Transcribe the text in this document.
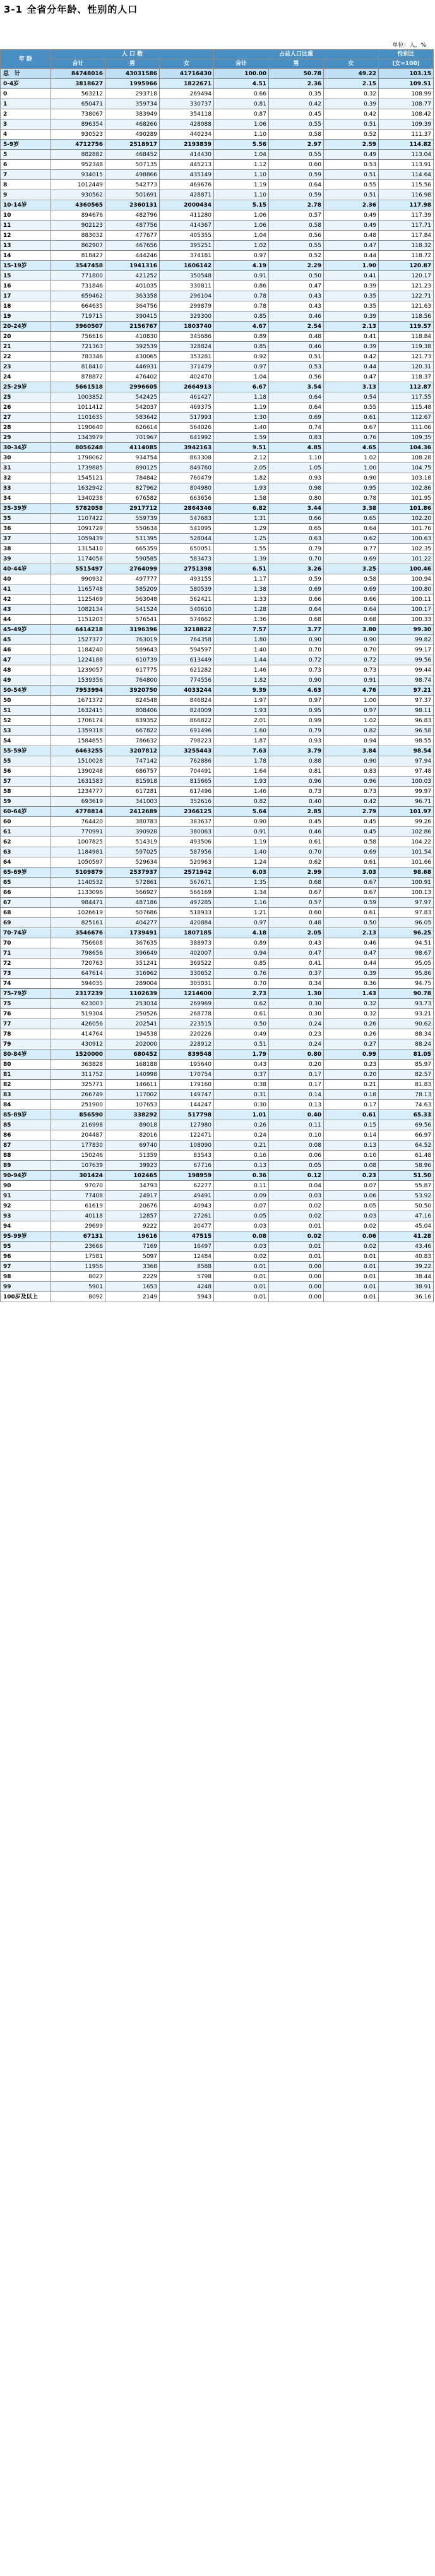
3-1 全省分年龄、性别的人口
单位：人，%
年 龄	人 口 数			占总人口比重			性别比
	合计	男	女	合计	男	女	(女=100)
总　计	84748016	43031586	41716430	100.00	50.78	49.22	103.15
0-4岁	3818627	1995966	1822671	4.51	2.36	2.15	109.51
0	563212	293718	269494	0.66	0.35	0.32	108.99
1	650471	359734	330737	0.81	0.42	0.39	108.77
2	738067	383949	354118	0.87	0.45	0.42	108.42
3	896354	468266	428088	1.06	0.55	0.51	109.39
4	930523	490289	440234	1.10	0.58	0.52	111.37
5-9岁	4712756	2518917	2193839	5.56	2.97	2.59	114.82
5	882882	468452	414430	1.04	0.55	0.49	113.04
6	952348	507135	445213	1.12	0.60	0.53	113.91
7	934015	498866	435149	1.10	0.59	0.51	114.64
8	1012449	542773	469676	1.19	0.64	0.55	115.56
9	930562	501691	428871	1.10	0.59	0.51	116.98
10-14岁	4360565	2360131	2000434	5.15	2.78	2.36	117.98
10	894676	482796	411280	1.06	0.57	0.49	117.39
11	902123	487756	414367	1.06	0.58	0.49	117.71
12	883032	477677	405355	1.04	0.56	0.48	117.84
13	862907	467656	395251	1.02	0.55	0.47	118.32
14	818427	444246	374181	0.97	0.52	0.44	118.72
15-19岁	3547458	1941316	1606142	4.19	2.29	1.90	120.87
15	771800	421252	350548	0.91	0.50	0.41	120.17
16	731846	401035	330811	0.86	0.47	0.39	121.23
17	659462	363358	296104	0.78	0.43	0.35	122.71
18	664635	364756	299879	0.78	0.43	0.35	121.63
19	719715	390415	329300	0.85	0.46	0.39	118.56
20-24岁	3960507	2156767	1803740	4.67	2.54	2.13	119.57
20	756616	410830	345686	0.89	0.48	0.41	118.84
21	721363	392539	328824	0.85	0.46	0.39	119.38
22	783346	430065	353281	0.92	0.51	0.42	121.73
23	818410	446931	371479	0.97	0.53	0.44	120.31
24	878872	476402	402470	1.04	0.56	0.47	118.37
25-29岁	5661518	2996605	2664913	6.67	3.54	3.13	112.87
25	1003852	542425	461427	1.18	0.64	0.54	117.55
26	1011412	542037	469375	1.19	0.64	0.55	115.48
27	1101635	583642	517993	1.30	0.69	0.61	112.67
28	1190640	626614	564026	1.40	0.74	0.67	111.06
29	1343979	701967	641992	1.59	0.83	0.76	109.35
30-34岁	8056248	4114085	3942163	9.51	4.85	4.65	104.36
30	1798062	934754	863308	2.12	1.10	1.02	108.28
31	1739885	890125	849760	2.05	1.05	1.00	104.75
32	1545121	784842	760479	1.82	0.93	0.90	103.18
33	1632942	827962	804980	1.93	0.98	0.95	102.86
34	1340238	676582	663656	1.58	0.80	0.78	101.95
35-39岁	5782058	2917712	2864346	6.82	3.44	3.38	101.86
35	1107422	559739	547683	1.31	0.66	0.65	102.20
36	1091729	550634	541095	1.29	0.65	0.64	101.76
37	1059439	531395	528044	1.25	0.63	0.62	100.63
38	1315410	665359	650051	1.55	0.79	0.77	102.35
39	1174058	590585	583473	1.39	0.70	0.69	101.22
40-44岁	5515497	2764099	2751398	6.51	3.26	3.25	100.46
40	990932	497777	493155	1.17	0.59	0.58	100.94
41	1165748	585209	580539	1.38	0.69	0.69	100.80
42	1125469	563048	562421	1.33	0.66	0.66	100.11
43	1082134	541524	540610	1.28	0.64	0.64	100.17
44	1151203	576541	574662	1.36	0.68	0.68	100.33
45-49岁	6414218	3196396	3218822	7.57	3.77	3.80	99.30
45	1527377	763019	764358	1.80	0.90	0.90	99.82
46	1184240	589643	594597	1.40	0.70	0.70	99.17
47	1224188	610739	613449	1.44	0.72	0.72	99.56
48	1239057	617775	621282	1.46	0.73	0.73	99.44
49	1539356	764800	774556	1.82	0.90	0.91	98.74
50-54岁	7953994	3920750	4033244	9.39	4.63	4.76	97.21
50	1671372	824548	846824	1.97	0.97	1.00	97.37
51	1632415	808406	824009	1.93	0.95	0.97	98.11
52	1706174	839352	866822	2.01	0.99	1.02	96.83
53	1359318	667822	691496	1.60	0.79	0.82	96.58
54	1584855	786632	798223	1.87	0.93	0.94	98.55
55-59岁	6463255	3207812	3255443	7.63	3.79	3.84	98.54
55	1510028	747142	762886	1.78	0.88	0.90	97.94
56	1390248	686757	704491	1.64	0.81	0.83	97.48
57	1631583	815918	815665	1.93	0.96	0.96	100.03
58	1234777	617281	617496	1.46	0.73	0.73	99.97
59	693619	341003	352616	0.82	0.40	0.42	96.71
60-64岁	4778814	2412689	2366125	5.64	2.85	2.79	101.97
60	764420	380783	383637	0.90	0.45	0.45	99.26
61	770991	390928	380063	0.91	0.46	0.45	102.86
62	1007825	514319	493506	1.19	0.61	0.58	104.22
63	1184981	597025	587956	1.40	0.70	0.69	101.54
64	1050597	529634	520963	1.24	0.62	0.61	101.66
65-69岁	5109879	2537937	2571942	6.03	2.99	3.03	98.68
65	1140532	572861	567671	1.35	0.68	0.67	100.91
66	1133096	566927	566169	1.34	0.67	0.67	100.13
67	984471	487186	497285	1.16	0.57	0.59	97.97
68	1026619	507686	518933	1.21	0.60	0.61	97.83
69	825161	404277	420884	0.97	0.48	0.50	96.05
70-74岁	3546676	1739491	1807185	4.18	2.05	2.13	96.25
70	756608	367635	388973	0.89	0.43	0.46	94.51
71	798656	396649	402007	0.94	0.47	0.47	98.67
72	720763	351241	369522	0.85	0.41	0.44	95.05
73	647614	316962	330652	0.76	0.37	0.39	95.86
74	594035	289004	305031	0.70	0.34	0.36	94.75
75-79岁	2317239	1102639	1214600	2.73	1.30	1.43	90.78
75	623003	253034	269969	0.62	0.30	0.32	93.73
76	519304	250526	268778	0.61	0.30	0.32	93.21
77	426056	202541	223515	0.50	0.24	0.26	90.62
78	414764	194538	220226	0.49	0.23	0.26	88.34
79	430912	202000	228912	0.51	0.24	0.27	88.24
80-84岁	1520000	680452	839548	1.79	0.80	0.99	81.05
80	363828	168188	195640	0.43	0.20	0.23	85.97
81	311752	140998	170754	0.37	0.17	0.20	82.57
82	325771	146611	179160	0.38	0.17	0.21	81.83
83	266749	117002	149747	0.31	0.14	0.18	78.13
84	251900	107653	144247	0.30	0.13	0.17	74.63
85-89岁	856590	338292	517798	1.01	0.40	0.61	65.33
85	216998	89018	127980	0.26	0.11	0.15	69.56
86	204487	82016	122471	0.24	0.10	0.14	66.97
87	177830	69740	108090	0.21	0.08	0.13	64.52
88	150246	51359	83543	0.16	0.06	0.10	61.48
89	107639	39923	67716	0.13	0.05	0.08	58.96
90-94岁	301424	102465	198959	0.36	0.12	0.23	51.50
90	97070	34793	62277	0.11	0.04	0.07	55.87
91	77408	24917	49491	0.09	0.03	0.06	53.92
92	61619	20676	40943	0.07	0.02	0.05	50.50
93	40118	12857	27261	0.05	0.02	0.03	47.16
94	29699	9222	20477	0.03	0.01	0.02	45.04
95-99岁	67131	19616	47515	0.08	0.02	0.06	41.28
95	23666	7169	16497	0.03	0.01	0.02	43.46
96	17581	5097	12484	0.02	0.01	0.01	40.83
97	11956	3368	8588	0.01	0.00	0.01	39.22
98	8027	2229	5798	0.01	0.00	0.01	38.44
99	5901	1653	4248	0.01	0.00	0.01	38.91
100岁及以上	8092	2149	5943	0.01	0.00	0.01	36.16
